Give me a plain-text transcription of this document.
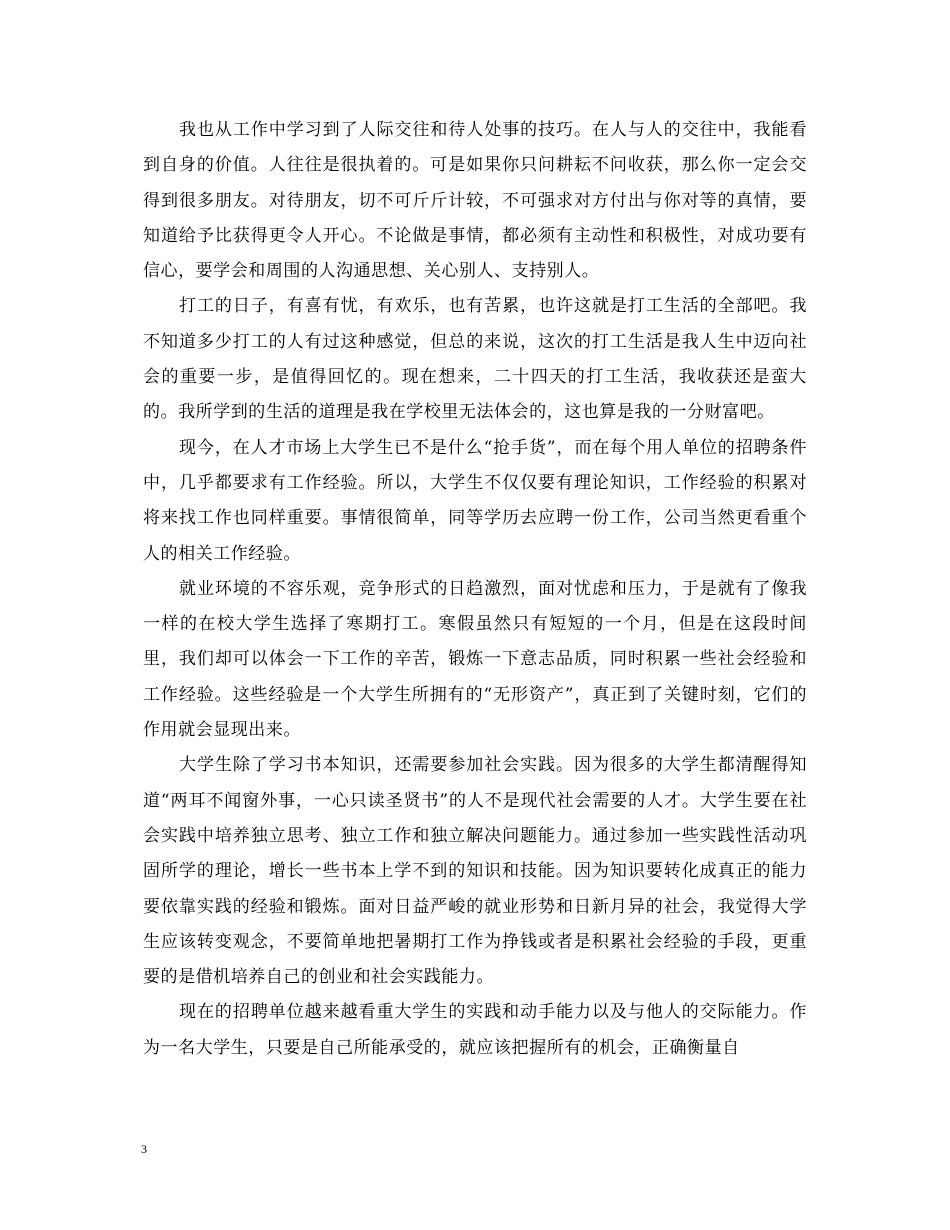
我也从工作中学习到了人际交往和待人处事的技巧。在人与人的交往中，我能看到自身的价值。人往往是很执着的。可是如果你只问耕耘不问收获，那么你一定会交得到很多朋友。对待朋友，切不可斤斤计较，不可强求对方付出与你对等的真情，要知道给予比获得更令人开心。不论做是事情，都必须有主动性和积极性，对成功要有信心，要学会和周围的人沟通思想、关心别人、支持别人。

打工的日子，有喜有忧，有欢乐，也有苦累，也许这就是打工生活的全部吧。我不知道多少打工的人有过这种感觉，但总的来说，这次的打工生活是我人生中迈向社会的重要一步，是值得回忆的。现在想来，二十四天的打工生活，我收获还是蛮大的。我所学到的生活的道理是我在学校里无法体会的，这也算是我的一分财富吧。

现今，在人才市场上大学生已不是什么“抢手货”，而在每个用人单位的招聘条件中，几乎都要求有工作经验。所以，大学生不仅仅要有理论知识，工作经验的积累对将来找工作也同样重要。事情很简单，同等学历去应聘一份工作，公司当然更看重个人的相关工作经验。

就业环境的不容乐观，竞争形式的日趋激烈，面对忧虑和压力，于是就有了像我一样的在校大学生选择了寒期打工。寒假虽然只有短短的一个月，但是在这段时间里，我们却可以体会一下工作的辛苦，锻炼一下意志品质，同时积累一些社会经验和工作经验。这些经验是一个大学生所拥有的“无形资产”，真正到了关键时刻，它们的作用就会显现出来。

大学生除了学习书本知识，还需要参加社会实践。因为很多的大学生都清醒得知道“两耳不闻窗外事，一心只读圣贤书”的人不是现代社会需要的人才。大学生要在社会实践中培养独立思考、独立工作和独立解决问题能力。通过参加一些实践性活动巩固所学的理论，增长一些书本上学不到的知识和技能。因为知识要转化成真正的能力要依靠实践的经验和锻炼。面对日益严峻的就业形势和日新月异的社会，我觉得大学生应该转变观念，不要简单地把暑期打工作为挣钱或者是积累社会经验的手段，更重要的是借机培养自己的创业和社会实践能力。

现在的招聘单位越来越看重大学生的实践和动手能力以及与他人的交际能力。作为一名大学生，只要是自己所能承受的，就应该把握所有的机会，正确衡量自

3
